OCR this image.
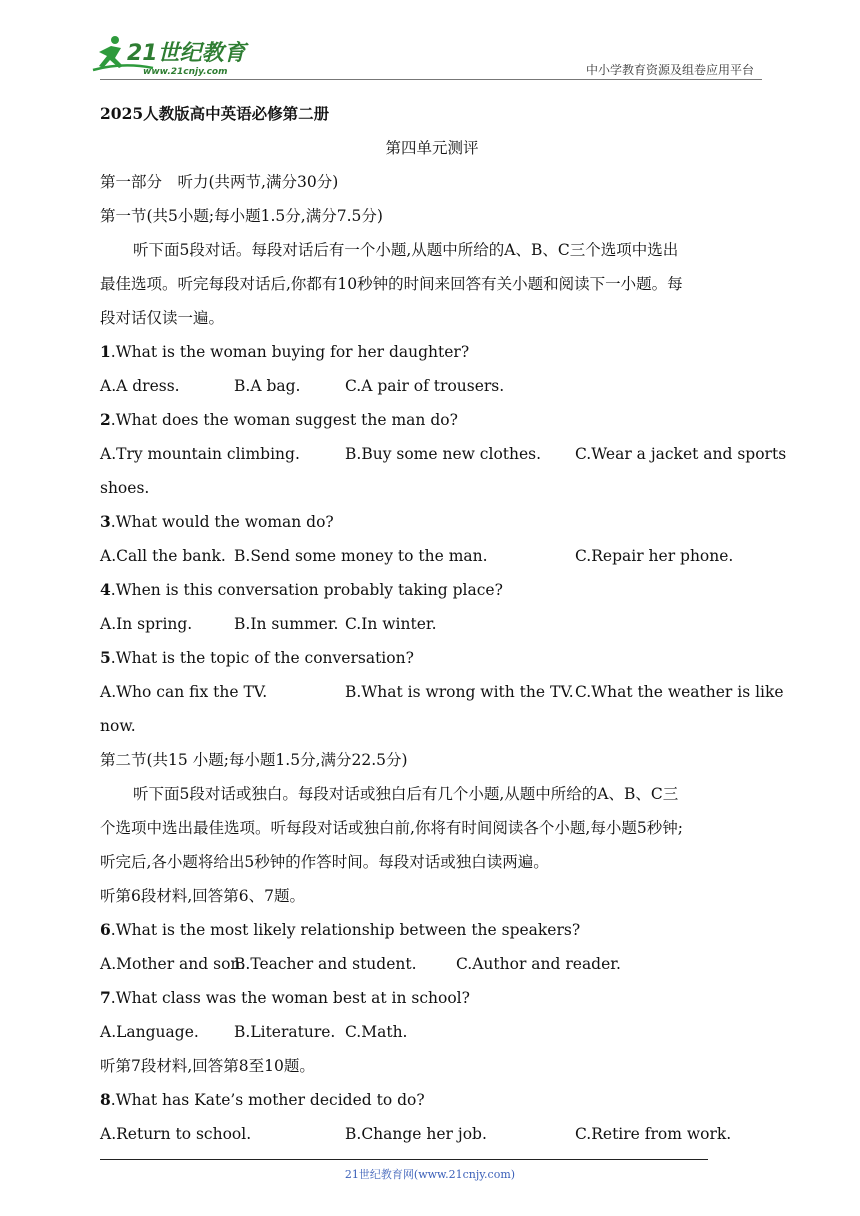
21世纪教育
www.21cnjy.com	中小学教育资源及组卷应用平台
2025人教版高中英语必修第二册
第四单元测评
第一部分　听力(共两节,满分30分)
第一节(共5小题;每小题1.5分,满分7.5分)
听下面5段对话。每段对话后有一个小题,从题中所给的A、B、C三个选项中选出
最佳选项。听完每段对话后,你都有10秒钟的时间来回答有关小题和阅读下一小题。每
段对话仅读一遍。
1.What is the woman buying for her daughter?
A.A dress.	B.A bag.	C.A pair of trousers.
2.What does the woman suggest the man do?
A.Try mountain climbing.	B.Buy some new clothes. C.Wear a jacket and sports
shoes.
3.What would the woman do?
A.Call the bank. B.Send some money to the man.	C.Repair her phone.
4.When is this conversation probably taking place?
A.In spring.	B.In summer. C.In winter.
5.What is the topic of the conversation?
A.Who can fix the TV.	B.What is wrong with the TV. C.What the weather is like
now.
第二节(共15 小题;每小题1.5分,满分22.5分)
听下面5段对话或独白。每段对话或独白后有几个小题,从题中所给的A、B、C三
个选项中选出最佳选项。听每段对话或独白前,你将有时间阅读各个小题,每小题5秒钟;
听完后,各小题将给出5秒钟的作答时间。每段对话或独白读两遍。
听第6段材料,回答第6、7题。
6.What is the most likely relationship between the speakers?
A.Mother and son.
B.Teacher and student.	C.Author and reader.
7.What class was the woman best at in school?
A.Language. B.Literature. C.Math.
听第7段材料,回答第8至10题。
8.What has Kate’s mother decided to do?
A.Return to school.	B.Change her job.	C.Retire from work.
21世纪教育网(www.21cnjy.com)
